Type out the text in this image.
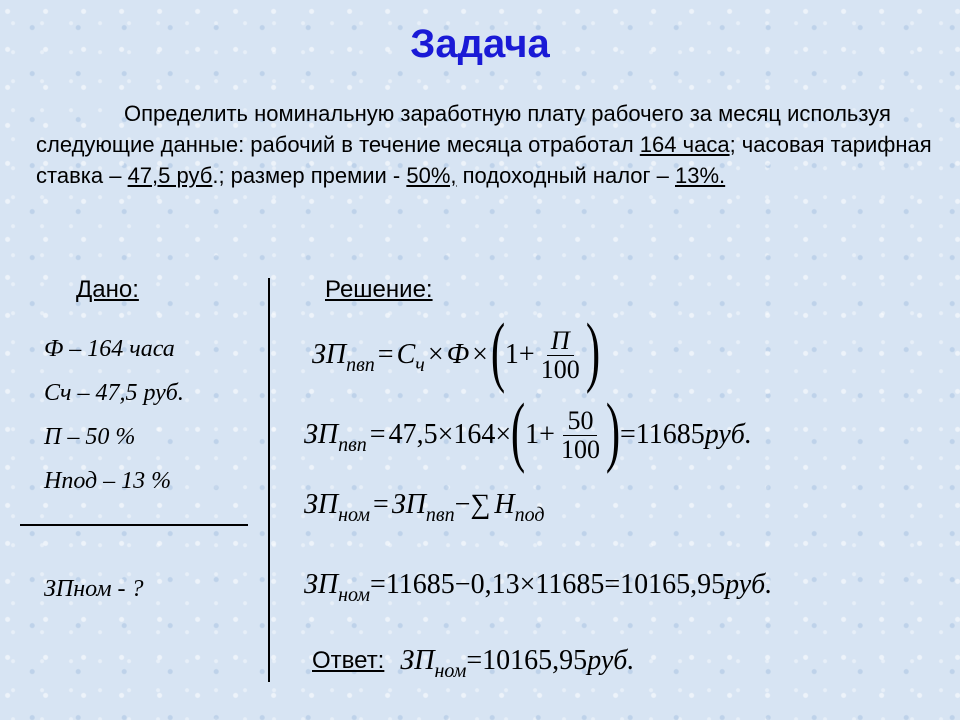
Задача
Определить номинальную заработную плату рабочего за месяц используя следующие данные: рабочий в течение месяца отработал 164 часа; часовая тарифная ставка – 47,5 руб.; размер премии - 50%, подоходный налог – 13%.
Дано:	Решение:
Ф – 164 часа
Сч – 47,5 руб.
П – 50 %
Нпод – 13 %
ЗПном - ?
ЗП пвп = С ч × Ф × ( $1+ \frac{П}{100}$ )
ЗП пвп = 47,5 × 164 × ( $1+ \frac{50}{100}$ ) =11685 руб.
ЗП ном = ЗП пвп −∑ Н под
ЗП ном =11685−0,13×11685=10165,95 руб.
Ответ: ЗП ном =10165,95 руб.
